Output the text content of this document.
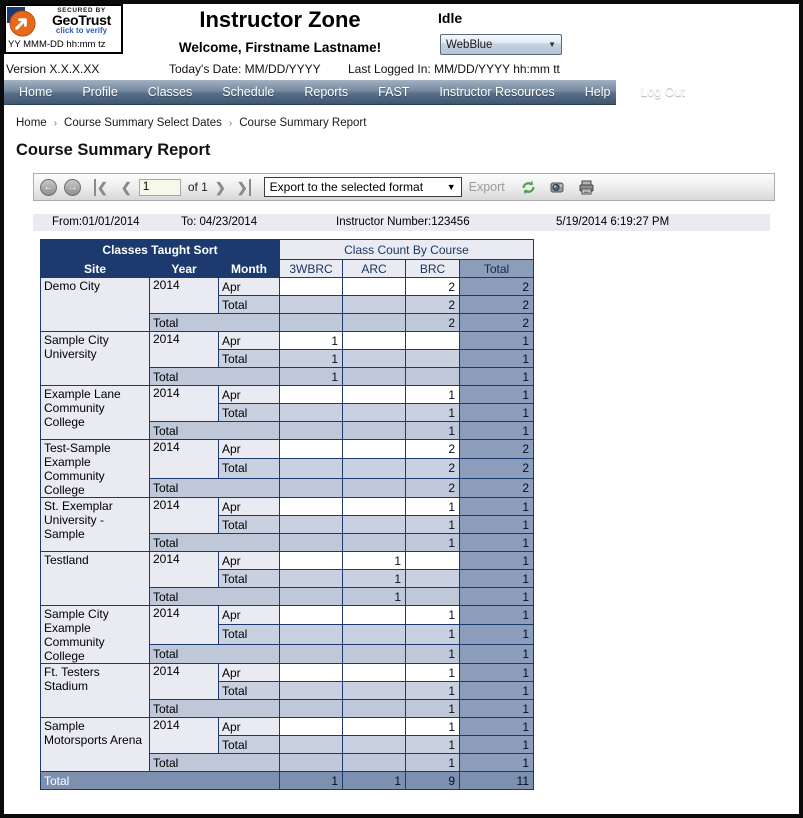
SECURED BY
GeoTrust
click to verify
YY MMM-DD hh:mm tz
Instructor Zone
Welcome, Firstname Lastname!
Idle
WebBlue	▼
Version X.X.X.XX	Today's Date: MM/DD/YYYY Last Logged In: MM/DD/YYYY hh:mm tt
Home	Profile	Classes	Schedule	Reports	FAST	Instructor Resources	Help	Log Out
Home › Course Summary Select Dates › Course Summary Report
Course Summary Report
←	→ ❮ ❮
1	of 1 ❯ ❯ Export to the selected format	▼ Export
From:01/01/2014	To: 04/23/2014	Instructor Number:123456	5/19/2014 6:19:27 PM
Classes Taught Sort			Class Count By Course			
Site	Year	Month	3WBRC	ARC	BRC	Total
Demo City	2014	Apr			2	2
		Total			2	2
	Total				2	2
Sample City University	2014	Apr	1			1
		Total	1			1
	Total		1			1
Example Lane Community College	2014	Apr			1	1
		Total			1	1
	Total				1	1
Test-Sample Example Community College	2014	Apr			2	2
		Total			2	2
	Total				2	2
St. Exemplar University - Sample	2014	Apr			1	1
		Total			1	1
	Total				1	1
Testland	2014	Apr		1		1
		Total		1		1
	Total			1		1
Sample City Example Community College	2014	Apr			1	1
		Total			1	1
	Total				1	1
Ft. Testers Stadium	2014	Apr			1	1
		Total			1	1
	Total				1	1
Sample Motorsports Arena	2014	Apr			1	1
		Total			1	1
	Total				1	1
Total			1	1	9	11
